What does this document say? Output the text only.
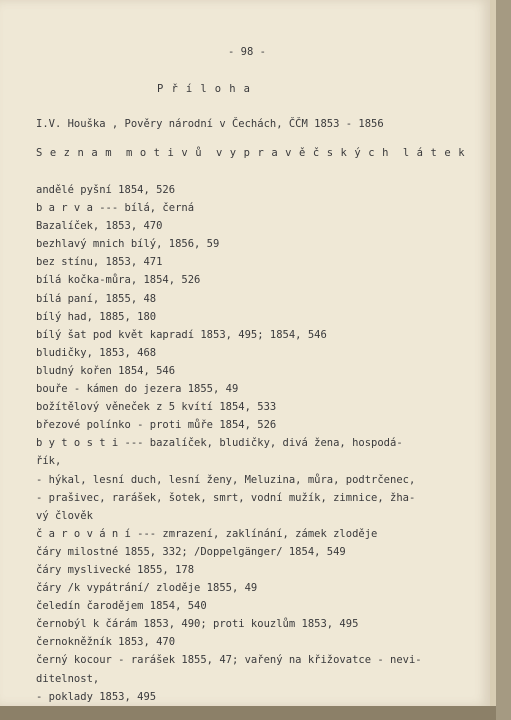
- 98 -
P ř í l o h a
I.V. Houška , Pověry národní v Čechách, ČČM 1853 - 1856
S e z n a m  m o t i v ů  v y p r a v ě č s k ý c h  l á t e k
andělé pyšní 1854, 526
b a r v a --- bílá, černá
Bazalíček, 1853, 470
bezhlavý mnich bílý, 1856, 59
bez stínu, 1853, 471
bílá kočka-můra, 1854, 526
bílá paní, 1855, 48
bílý had, 1885, 180
bílý šat pod květ kapradí 1853, 495; 1854, 546
bludičky, 1853, 468
bludný kořen 1854, 546
bouře - kámen do jezera 1855, 49
božítělový věneček z 5 kvítí 1854, 533
březové polínko - proti můře 1854, 526
b y t o s t i --- bazalíček, bludičky, divá žena, hospodá-
řík,
- hýkal, lesní duch, lesní ženy, Meluzina, můra, podtrčenec,
- prašivec, rarášek, šotek, smrt, vodní mužík, zimnice, žha-
vý člověk
č a r o v á n í --- zmrazení, zaklínání, zámek zloděje
čáry milostné 1855, 332; /Doppelgänger/ 1854, 549
čáry myslivecké 1855, 178
čáry /k vypátrání/ zloděje 1855, 49
čeledín čarodějem 1854, 540
černobýl k čárám 1853, 490; proti kouzlům 1853, 495
černokněžník 1853, 470
černý kocour - rarášek 1855, 47; vařený na křižovatce - nevi-
ditelnost,
- poklady 1853, 495
